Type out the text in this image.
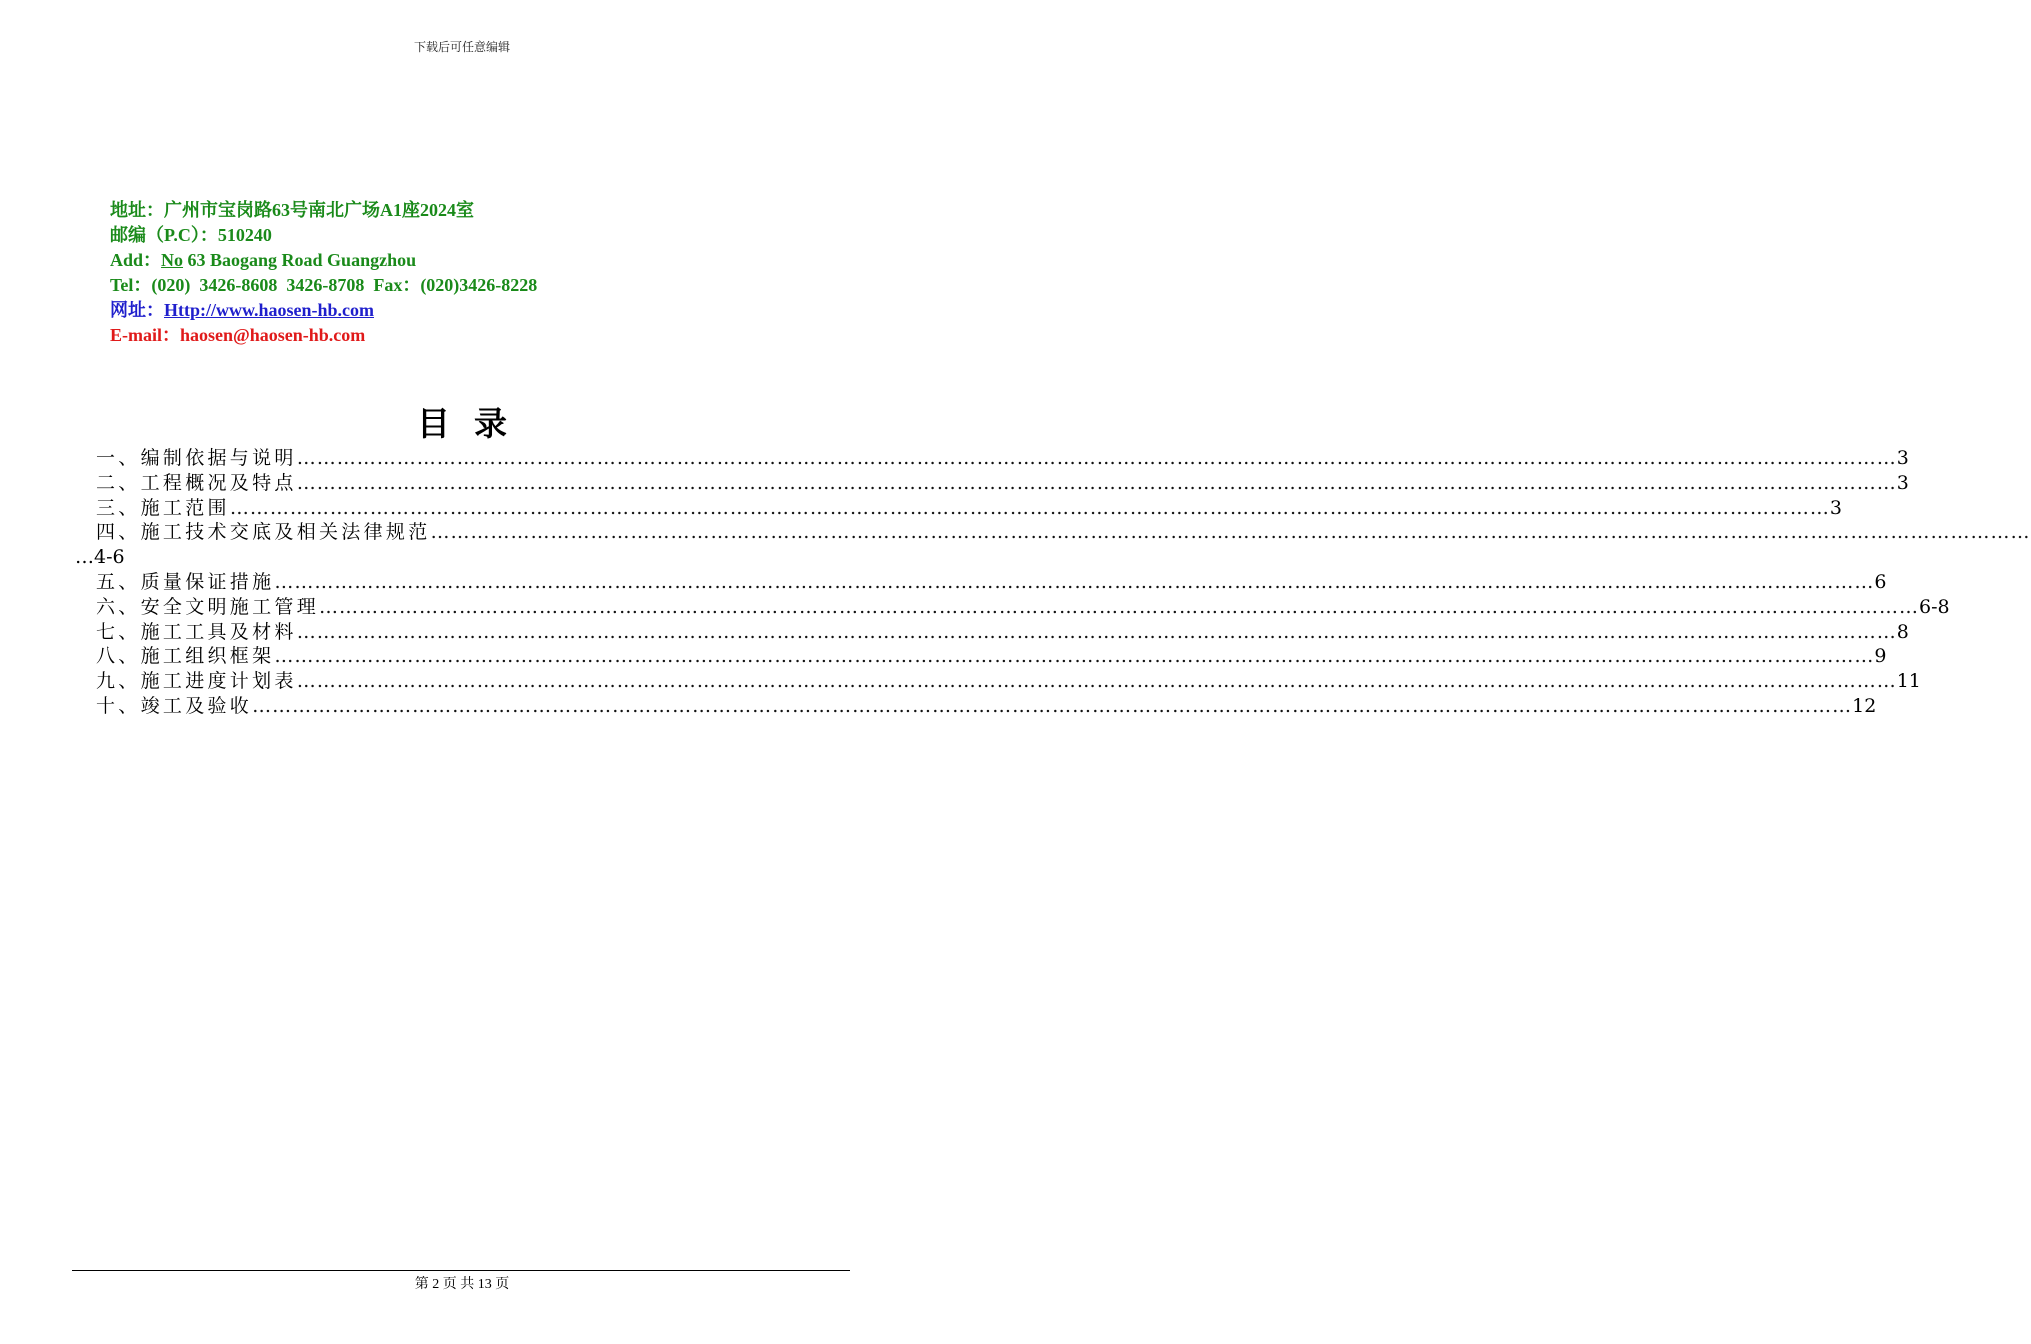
下载后可任意编辑
地址：广州市宝岗路63号南北广场A1座2024室
邮编（P.C）：510240
Add：No 63 Baogang Road Guangzhou
Tel：(020)  3426-8608  3426-8708  Fax：(020)3426-8228
网址：Http://www.haosen-hb.com
E-mail：haosen@haosen-hb.com
目录
一、编制依据与说明 …………………………………………………………………………………………………………………………………………………………………………………………………………………… 3
二、工程概况及特点 …………………………………………………………………………………………………………………………………………………………………………………………………………………… 3
三、施工范围 …………………………………………………………………………………………………………………………………………………………………………………………………………………… 3
四、施工技术交底及相关法律规范 ……………………………………………………………………………………………………………………………………………………………………………………………………………………
…4-6
五、质量保证措施 …………………………………………………………………………………………………………………………………………………………………………………………………………………… 6
六、安全文明施工管理 …………………………………………………………………………………………………………………………………………………………………………………………………………………… 6-8
七、施工工具及材料 …………………………………………………………………………………………………………………………………………………………………………………………………………………… 8
八、施工组织框架 …………………………………………………………………………………………………………………………………………………………………………………………………………………… 9
九、施工进度计划表 …………………………………………………………………………………………………………………………………………………………………………………………………………………… 11
十、竣工及验收 …………………………………………………………………………………………………………………………………………………………………………………………………………………… 12
第 2 页 共 13 页
